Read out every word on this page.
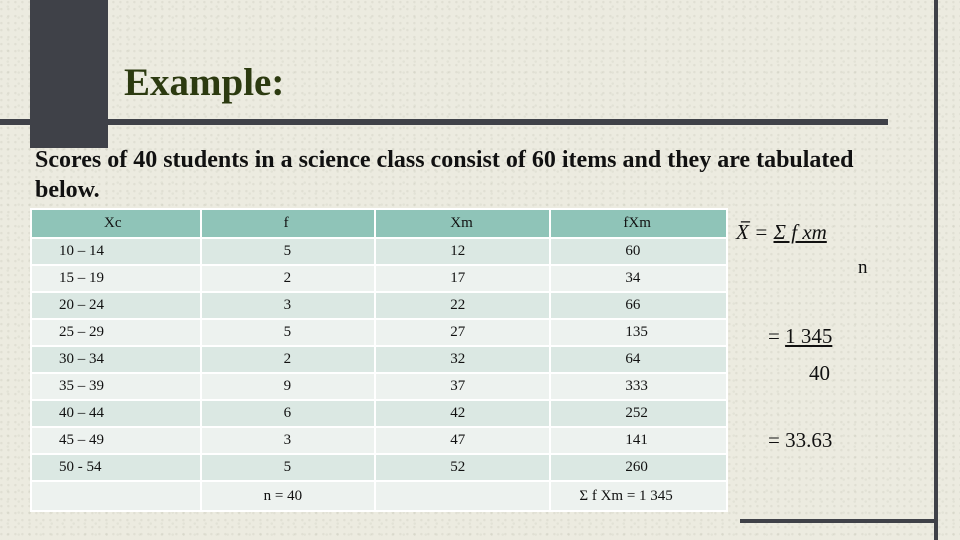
Example:
Scores of 40 students in a science class consist of 60 items and they are tabulated below.
Xc	f	Xm	fXm
10 – 14	5	12	60
15 – 19	2	17	34
20 – 24	3	22	66
25 – 29	5	27	135
30 – 34	2	32	64
35 – 39	9	37	333
40 – 44	6	42	252
45 – 49	3	47	141
50 - 54	5	52	260
	n = 40		Σ f Xm = 1 345
_
X = Σ f xm
n
= 1 345
40
= 33.63
